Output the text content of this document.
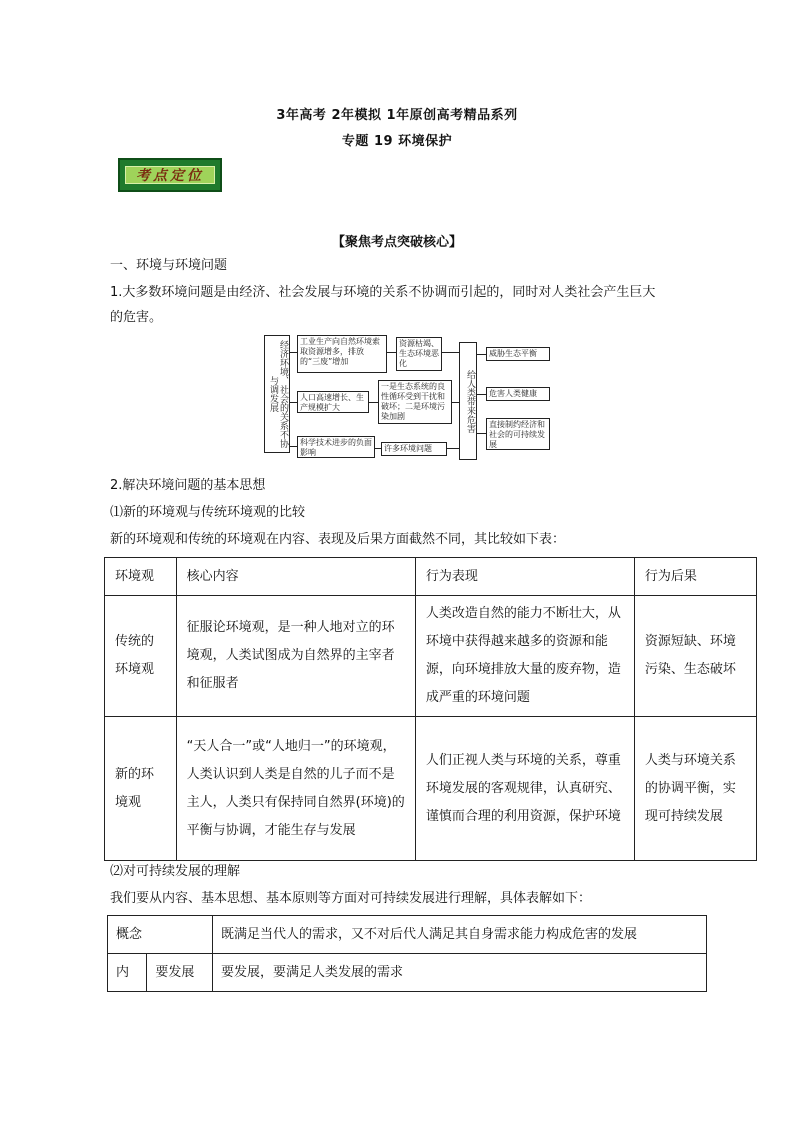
3年高考 2年模拟 1年原创高考精品系列
专题 19 环境保护
考点定位
【聚焦考点突破核心】
一、环境与环境问题
1.大多数环境问题是由经济、社会发展与环境的关系不协调而引起的，同时对人类社会产生巨大
的危害。
经济环境、社会的关系不协与调发展
工业生产向自然环境索取资源增多，排放的“三废”增加
人口高速增长、生产规模扩大
科学技术进步的负面影响
资源枯竭、生态环境恶化
一是生态系统的良性循环受到干扰和破坏；二是环境污染加剧
许多环境问题
给人类带来危害
威胁生态平衡
危害人类健康
直接制约经济和社会的可持续发展
2.解决环境问题的基本思想
⑴新的环境观与传统环境观的比较
新的环境观和传统的环境观在内容、表现及后果方面截然不同，其比较如下表：
环境观	核心内容	行为表现	行为后果
传统的环境观	征服论环境观，是一种人地对立的环境观，人类试图成为自然界的主宰者和征服者	人类改造自然的能力不断壮大，从环境中获得越来越多的资源和能源，向环境排放大量的废弃物，造成严重的环境问题	资源短缺、环境污染、生态破坏
新的环境观	“天人合一”或“人地归一”的环境观，人类认识到人类是自然的儿子而不是主人，人类只有保持同自然界(环境)的平衡与协调，才能生存与发展	人们正视人类与环境的关系，尊重环境发展的客观规律，认真研究、谨慎而合理的利用资源，保护环境	人类与环境关系的协调平衡，实现可持续发展
⑵对可持续发展的理解
我们要从内容、基本思想、基本原则等方面对可持续发展进行理解，具体表解如下：
概念		既满足当代人的需求，又不对后代人满足其自身需求能力构成危害的发展
内	要发展	要发展，要满足人类发展的需求
